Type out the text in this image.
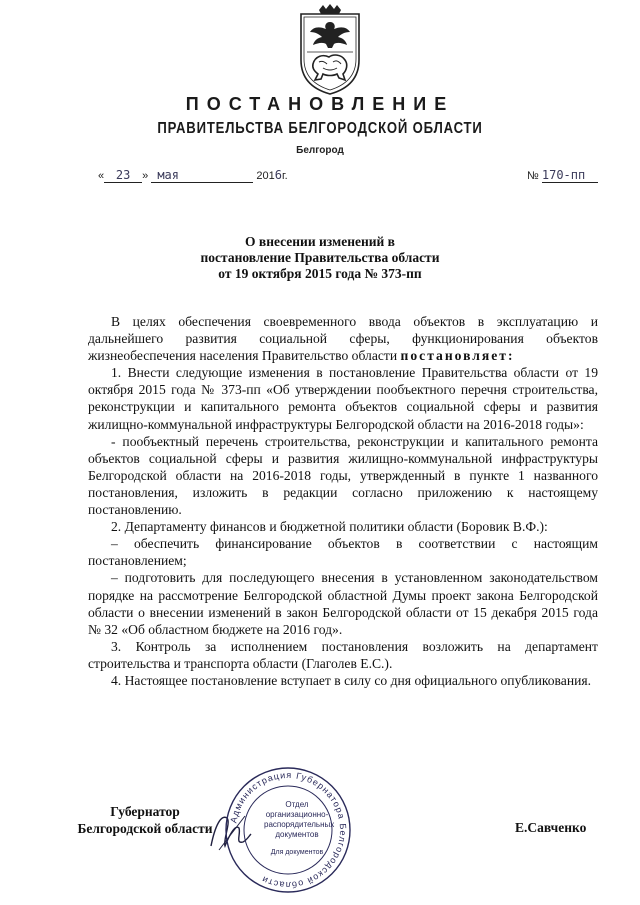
ПОСТАНОВЛЕНИЕ
ПРАВИТЕЛЬСТВА БЕЛГОРОДСКОЙ ОБЛАСТИ
Белгород
« 23 » мая	2016г.	№ 170-пп
О внесении изменений в
постановление Правительства области
от 19 октября 2015 года № 373-пп

В целях обеспечения своевременного ввода объектов в эксплуатацию и дальнейшего развития социальной сферы, функционирования объектов жизнеобеспечения населения Правительство области постановляет:

1. Внести следующие изменения в постановление Правительства области от 19 октября 2015 года № 373-пп «Об утверждении пообъектного перечня строительства, реконструкции и капитального ремонта объектов социальной сферы и развития жилищно-коммунальной инфраструктуры Белгородской области на 2016-2018 годы»:

- пообъектный перечень строительства, реконструкции и капитального ремонта объектов социальной сферы и развития жилищно-коммунальной инфраструктуры Белгородской области на 2016-2018 годы, утвержденный в пункте 1 названного постановления, изложить в редакции согласно приложению к настоящему постановлению.

2. Департаменту финансов и бюджетной политики области (Боровик В.Ф.):

– обеспечить финансирование объектов в соответствии с настоящим постановлением;

– подготовить для последующего внесения в установленном законодательством порядке на рассмотрение Белгородской областной Думы проект закона Белгородской области о внесении изменений в закон Белгородской области от 15 декабря 2015 года № 32 «Об областном бюджете на 2016 год».

3. Контроль за исполнением постановления возложить на департамент строительства и транспорта области (Глаголев Е.С.).

4. Настоящее постановление вступает в силу со дня официального опубликования.

Губернатор
Белгородской области	Е.Савченко
Администрация Губернатора Белгородской области
Отдел
организационно-
распорядительных
документов
Для документов
